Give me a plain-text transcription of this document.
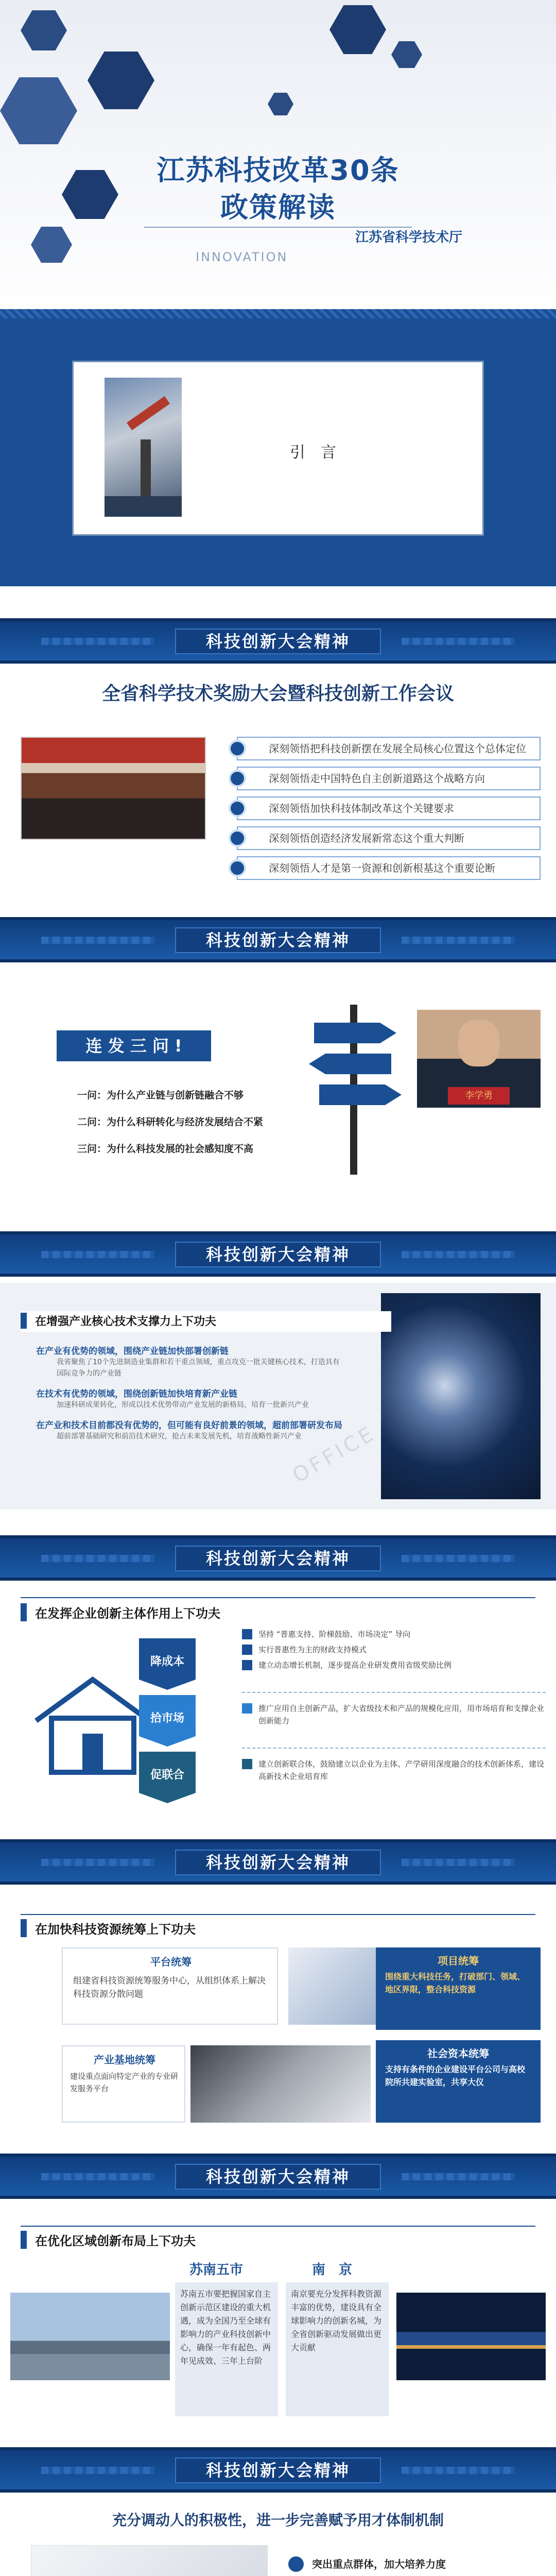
江苏科技改革30条
政策解读
江苏省科学技术厅
INNOVATION
引　言
科技创新大会精神
全省科学技术奖励大会暨科技创新工作会议
深刻领悟把科技创新摆在发展全局核心位置这个总体定位
深刻领悟走中国特色自主创新道路这个战略方向
深刻领悟加快科技体制改革这个关键要求
深刻领悟创造经济发展新常态这个重大判断
深刻领悟人才是第一资源和创新根基这个重要论断
科技创新大会精神
连 发 三 问 !
一问：为什么产业链与创新链融合不够
二问：为什么科研转化与经济发展结合不紧
三问：为什么科技发展的社会感知度不高
李学勇
科技创新大会精神
在增强产业核心技术支撑力上下功夫
在产业有优势的领域，围绕产业链加快部署创新链
我省聚焦了10个先进制造业集群和若干重点领域，重点攻克一批关键核心技术，打造具有国际竞争力的产业链
在技术有优势的领域，围绕创新链加快培育新产业链
加速科研成果转化，形成以技术优势带动产业发展的新格局，培育一批新兴产业
在产业和技术目前都没有优势的，但可能有良好前景的领域，超前部署研发布局
超前部署基础研究和前沿技术研究，抢占未来发展先机，培育战略性新兴产业
OFFICE
科技创新大会精神
在发挥企业创新主体作用上下功夫
降成本
拾市场
促联合
坚持 “普惠支持、阶梯鼓励、市场决定” 导向
实行普惠性为主的财政支持模式
建立动态增长机制，逐步提高企业研发费用省级奖励比例
推广应用自主创新产品，扩大省级技术和产品的规模化应用，用市场培育和支撑企业创新能力
建立创新联合体，鼓励建立以企业为主体、产学研用深度融合的技术创新体系，建设高新技术企业培育库
科技创新大会精神
在加快科技资源统筹上下功夫
平台统筹
组建省科技资源统筹服务中心，从组织体系上解决科技资源分散问题
项目统筹
围绕重大科技任务，打破部门、领域、地区界限，整合科技资源
产业基地统筹
建设重点面向特定产业的专业研发服务平台
社会资本统筹
支持有条件的企业建设平台公司与高校院所共建实验室，共享大仪
科技创新大会精神
在优化区域创新布局上下功夫
苏南五市	南　京
苏南五市要把握国家自主创新示范区建设的重大机遇，成为全国乃至全球有影响力的产业科技创新中心，确保一年有起色、两年见成效、三年上台阶
南京要充分发挥科教资源丰富的优势，建设具有全球影响力的创新名城，为全省创新驱动发展做出更大贡献
科技创新大会精神
充分调动人的积极性，进一步完善赋予用才体制机制
突出重点群体，加大培养力度
